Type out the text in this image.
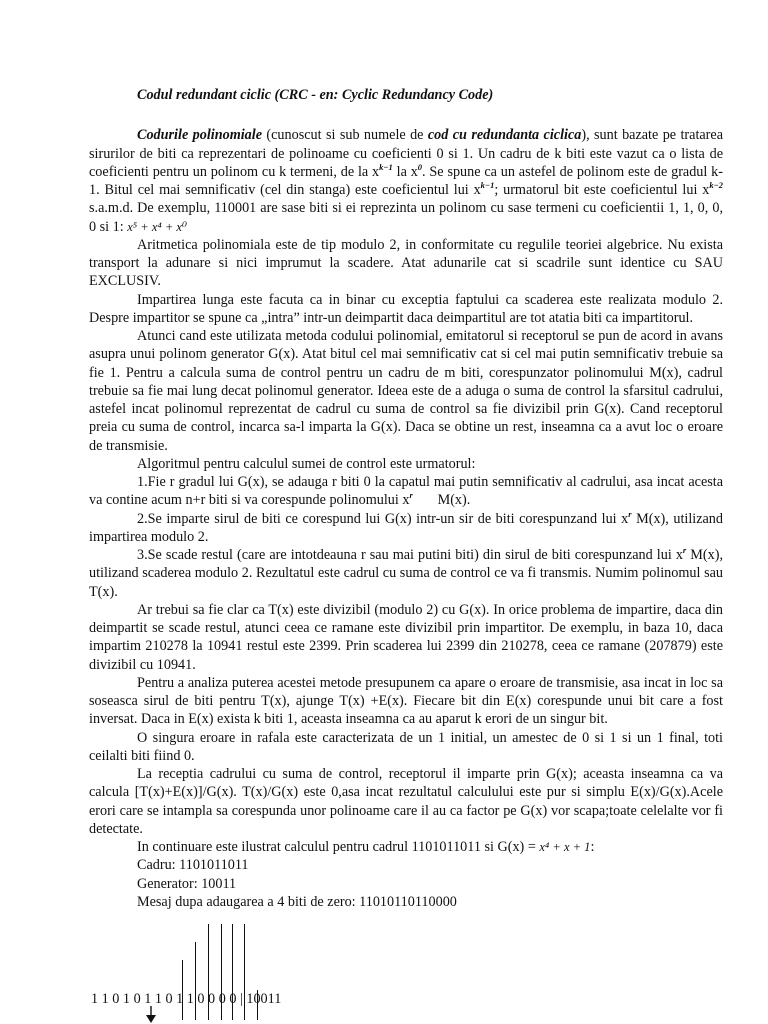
Codul redundant ciclic (CRC - en: Cyclic Redundancy Code)

Codurile polinomiale (cunoscut si sub numele de cod cu redundanta ciclica), sunt bazate pe tratarea sirurilor de biti ca reprezentari de polinoame cu coeficienti 0 si 1. Un cadru de k biti este vazut ca o lista de coeficienti pentru un polinom cu k termeni, de la $x^{k-1}$ la $x^0$. Se spune ca un astefel de polinom este de gradul k-1. Bitul cel mai semnificativ (cel din stanga) este coeficientul lui $x^{k-1}$; urmatorul bit este coeficientul lui $x^{k-2}$ s.a.m.d. De exemplu, 110001 are sase biti si ei reprezinta un polinom cu sase termeni cu coeficientii 1, 1, 0, 0, 0 si 1: x⁵ + x⁴ + x⁰

Aritmetica polinomiala este de tip modulo 2, in conformitate cu regulile teoriei algebrice. Nu exista transport la adunare si nici imprumut la scadere. Atat adunarile cat si scadrile sunt identice cu SAU EXCLUSIV.

Impartirea lunga este facuta ca in binar cu exceptia faptului ca scaderea este realizata modulo 2. Despre impartitor se spune ca „intra” intr-un deimpartit daca deimpartitul are tot atatia biti ca impartitorul.

Atunci cand este utilizata metoda codului polinomial, emitatorul si receptorul se pun de acord in avans asupra unui polinom generator G(x). Atat bitul cel mai semnificativ cat si cel mai putin semnificativ trebuie sa fie 1. Pentru a calcula suma de control pentru un cadru de m biti, corespunzator polinomului M(x), cadrul trebuie sa fie mai lung decat polinomul generator. Ideea este de a aduga o suma de control la sfarsitul cadrului, astefel incat polinomul reprezentat de cadrul cu suma de control sa fie divizibil prin G(x). Cand receptorul preia cu suma de control, incarca sa-l imparta la G(x). Daca se obtine un rest, inseamna ca a avut loc o eroare de transmisie.

Algoritmul pentru calculul sumei de control este urmatorul:

1.Fie r gradul lui G(x), se adauga r biti 0 la capatul mai putin semnificativ al cadrului, asa incat acesta va contine acum n+r biti si va corespunde polinomului $x^r$       M(x).

2.Se imparte sirul de biti ce corespund lui G(x) intr-un sir de biti corespunzand lui $x^r$ M(x), utilizand impartirea modulo 2.

3.Se scade restul (care are intotdeauna r sau mai putini biti) din sirul de biti corespunzand lui $x^r$ M(x), utilizand scaderea modulo 2. Rezultatul este cadrul cu suma de control ce va fi transmis. Numim polinomul sau T(x).

Ar trebui sa fie clar ca T(x) este divizibil (modulo 2) cu G(x). In orice problema de impartire, daca din deimpartit se scade restul, atunci ceea ce ramane este divizibil prin impartitor. De exemplu, in baza 10, daca impartim 210278 la 10941 restul este 2399. Prin scaderea lui 2399 din 210278, ceea ce ramane (207879) este divizibil cu 10941.

Pentru a analiza puterea acestei metode presupunem ca apare o eroare de transmisie, asa incat in loc sa soseasca sirul de biti pentru T(x), ajunge T(x) +E(x). Fiecare bit din E(x) corespunde unui bit care a fost inversat. Daca in E(x) exista k biti 1, aceasta inseamna ca au aparut k erori de un singur bit.

O singura eroare in rafala este caracterizata de un 1 initial, un amestec de 0 si 1 si un 1 final, toti ceilalti biti fiind 0.

La receptia cadrului cu suma de control, receptorul il imparte prin G(x); aceasta inseamna ca va calcula [T(x)+E(x)]/G(x). T(x)/G(x) este 0,asa incat rezultatul calculului este pur si simplu E(x)/G(x).Acele erori care se intampla sa corespunda unor polinoame care il au ca factor pe G(x) vor scapa;toate celelalte vor fi detectate.

In continuare este ilustrat calculul pentru cadrul 1101011011 si G(x) = x⁴ + x + 1:

Cadru: 1101011011

Generator: 10011

Mesaj dupa adaugarea a 4 biti de zero: 11010110110000

1 1 0 1 0 1 1 0 1 1 0 0 0 0 | 10011
